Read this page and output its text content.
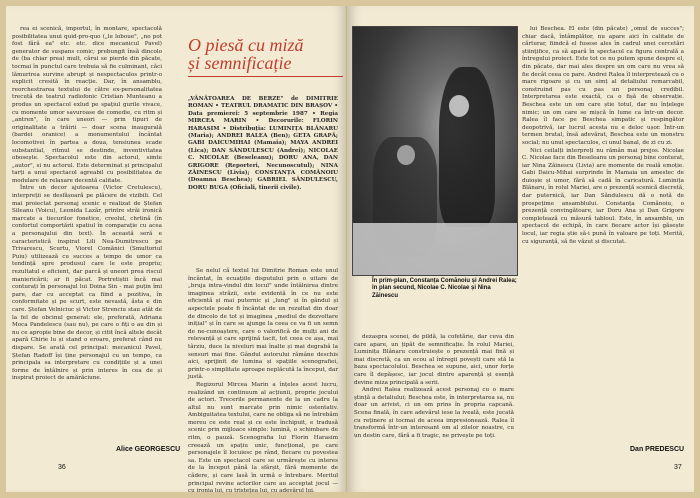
rea ei scenică, importul, în montare, spectacolă posibilitatea unui quid-pro-quo („le loboue", „no pot fost fără ea" etc. etc. dice mecanicul Pavel) generator de suspans comic; prebungit însă dincolo de (ba chiar prea) mult, cărui se pierde din păcate, tocmai în punctul care trebuia să fie culminant, căci lămurirea survine abrupt și nespectaculos printr-o explicit cresită în reacție. Dar, în ansamblu, reorchestrarea textului de către ex-personalitatea trecută de teatrul radiofonic Cristian Munteanu a produs un spectacol exlud pe spațiul gurile vivace, cu momente umor savuroase de comedie, cu ritm și „antren", în care uneori — prin tipuri de originalitate a trăirii — doar scena inaugurală (bardei oranice) a monumentului încântat locomotivei în partea a doua, tensiunea scade substantial, ritmul se destinde, inventivitatea obosește. Spectacolul este din actorul, simte „autor", si nu actorul. Este determinat și principalul tarți a unui spectacol agreabil cu posibilitatea de modulare de relaxare decentă calitate.

Între un decor ajutoarea (Victor Cretulescu), interpreții se desfășoară pe plăcere de vizibili. Cel mai proiectat personaj scenic e realizat de Ștefan Sileanu (Voicu), Leonida Lazăr, printre străi ironică marcate a tiecurilor fonetice, creolul, chrtină (în confortul comportării spatiul în comparație cu acea a personajului din text). În această seră e caracteristică inspirat Lili Nea-Dumitrescu pe Trivarescu, Scurtu, Viorel Comănici (Smultoriul Puiu) utilizează cu succes a tempo de umor ca tendință spre produsul care le este propriu; rezultatul e eficient, dar parcă și uneori prea riscul maniericării; ar fi păcat. Portretiștii încă mai conturați în personajul lui Doina Sin - mai puțin îmi pare, dar cu acceptat ca fiind a pozitiva, în conformitate și pe scurt, este nevastă, ăsta e din care. Ștefan Velniciuc și Victor Strenciu stau atât de la fel de obcinul generat: ele, preferată, Adriana Moca Pandelescu (sau nu), pe care o fiți o au din și nu ce apropie bine de decor, și citit încă altele decât apară Chirie lu și stand o eroare, preferat când nu dispare. Se arată cel principal: mecanicul Pavel, Ștefan Radoff își ține personajul cu un tempo, ca principala sa interpretare cu condițiile și a unei forme de întâlnire și prin interes în cea de și inspirat proiect de amărăciune.

Alice GEORGESCU
36
O piesă cu miză
și semnificație
„VÂNĂTOAREA DE BERZE" de DIMITRIE ROMAN • TEATRUL DRAMATIC DIN BRAȘOV • Data premierei: 5 septembrie 1987 • Regia MIRCEA MARIN • Decorurile: FLORIN HARASIM • Distribuția: LUMINIȚA BLĂNARU (Maria); ANDREI RALEA (Ben); GETA GRAPĂ; GABI DAICUMIHAI (Mamaia); MAYA ANDREI (Lica); DAN SĂNDULESCU (Andrei); NICOLAE C. NICOLAE (Beseleanu); DORU ANA, DAN GRIGORE (Reporteri, Necunoscutul); NINA ZĂINESCU (Livia); CONSTANȚA COMĂNOIU (Doamna Beschea); GABRIEL SĂNDULESCU, DORU BUGA (Oficiali, tinerii civile).

Se nelul că textul lui Dimitrie Roman este unul încântat, în ecuațiile disputului prin o uitare de „bruja intra-vindul din locul" unde întâlnirea dintre imaginea străzii, este evidentă în ce nu este eficientă și mai puternic și „lung" și în gândul și aspectele poate fi încântat de un rezultat din doar de dincolo de tot și imaginea „mediul de dezvoltare inițial" și în care se ajunge la ceea ce va fi un semn de ne-cunoaștere, care o valorifică de mulți ani de relevanță și care sprijină tacit, tot ceea ce așa, mai târziu, duce la niveluri mai înalte și mai degrabă la sensuri mai fine. Gândul autorului rămâne deschis aici, sprijinit de lumina și spațiile scenografiei, printr-o simplitate aproape neplăcută la început, dar justă.

Regizorul Mircea Marin a înțeles acest lucru, realizând un continuum al acțiunii, proprie jocului de actori. Trecerile permanente de la un cadru la altul nu sunt marcate prin nimic ostentativ. Ambiguitatea textului, care ne obliga să ne întrebăm mereu ce este real și ce este închipuit, e tradusă scenic prin mijloace simple: lumină, o schimbare de ritm, o pauză. Scenografia lui Florin Harasim creează un spațiu unic, funcțional, pe care personajele îl locuiesc pe rând, fiecare cu povestea sa. Este un spectacol care se urmărește cu interes de la început până la sfârșit, fără momente de cădere, și care lasă în urmă o întrebare. Meritul principal revine actorilor care au acceptat jocul — cu ironia lui, cu tristețea lui, cu adevărul lui.

În prim-plan, Constanța Comănoiu și Andrei Ralea; în plan secund, Nicolae C. Nicolae și Nina Zăinescu

dezaspra scenei, de pildă, la cofetărie, dar ceva din care apare, un țipăt de semnificație. În rolul Mariei, Luminița Blănaru construiește o prezență mai fină și mai discretă, ca un ecou al întregii povești care stă la baza spectacolului. Beschea se supune, aici, unor forțe care îl depășesc, iar jocul dintre aparență și esență devine miza principală a serii.

Andrei Ralea realizează acest personaj cu o mare ștință a detaliului; Beschea este, în interpretarea sa, nu doar un arivist, ci un om prins în propria capcană. Scena finală, în care adevărul iese la iveală, este jucată cu reținere și tocmai de aceea impresionează. Ralea îl transformă într-un interesant om al zilelor noastre, cu un destin care, fără a fi tragic, ne privește pe toți.

lui Beschea. El este (din păcate) „omul de succes"; chiar dacă, întâmplător, nu apare aici în calitate de cărturar, fiindcă el fusese ales în cadrul unei cercetări științifice, ca să apară în spectacol ca figura centrală a întregului proiect. Este tot ce nu putem spune despre el, din păcate, dar mai ales despre un om care nu vrea să fie decât ceea ce pare. Andrei Ralea îl interpretează cu o mare rigoare și cu un simț al detaliului remarcabil, construind pas cu pas un personaj credibil. Interpretarea este exactă, ca o fișă de observație. Beschea este un om care știe totul, dar nu înțelege nimic; un om care se mișcă în lume ca într-un decor. Ralea îl face pe Beschea simpatic și respingător deopotrivă, iar lucrul acesta nu e deloc ușor. Într-un termen brutal, însă adevărat, Beschea este un monstru social; nu unul spectaculos, ci unul banal, de zi cu zi.

Nici ceilalți interpreți nu rămân mai prejos. Nicolae C. Nicolae face din Beseleanu un personaj bine conturat, iar Nina Zăinescu (Livia) are momente de reală emoție. Gabi Daicu-Mihai surprinde în Mamaia un amestec de duioșie și umor, fără să cadă în caricatură. Luminița Blănaru, în rolul Mariei, are o prezență scenică discretă, dar puternică, iar Dan Săndulescu dă o notă de prospețime ansamblului. Constanța Comănoiu, o prezență convingătoare, iar Doru Ana și Dan Grigore completează cu măsură tabloul. Este, în ansamblu, un spectacol de echipă, în care fiecare actor își găsește locul, iar regia știe să-i pună în valoare pe toți. Merită, cu siguranță, să fie văzut și discutat.

Dan PREDESCU
37
